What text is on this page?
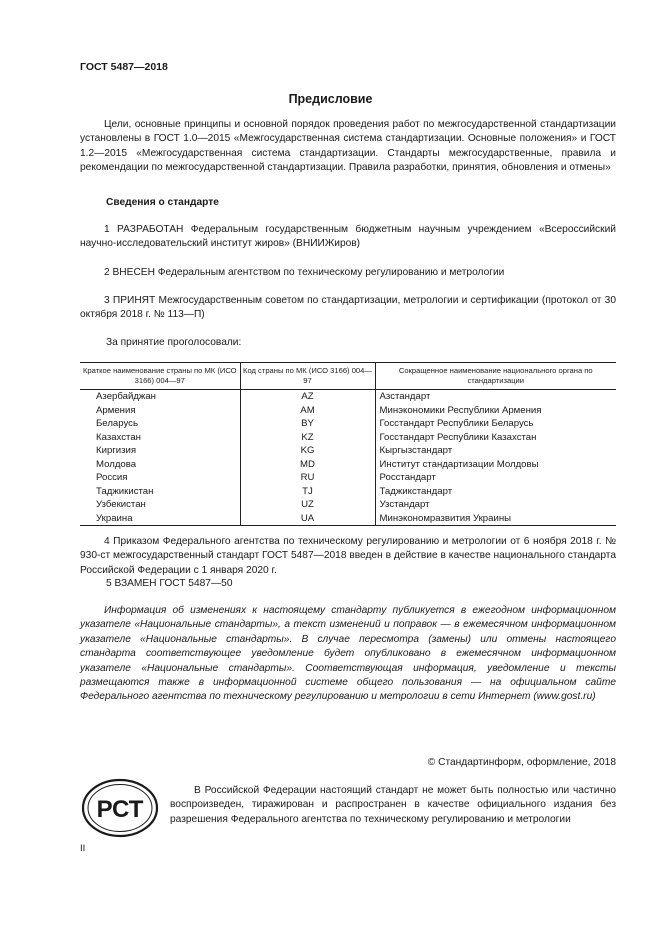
ГОСТ 5487—2018
Предисловие
Цели, основные принципы и основной порядок проведения работ по межгосударственной стандартизации установлены в ГОСТ 1.0—2015 «Межгосударственная система стандартизации. Основные положения» и ГОСТ 1.2—2015 «Межгосударственная система стандартизации. Стандарты межгосударственные, правила и рекомендации по межгосударственной стандартизации. Правила разработки, принятия, обновления и отмены»
Сведения о стандарте
1 РАЗРАБОТАН Федеральным государственным бюджетным научным учреждением «Всероссийский научно-исследовательский институт жиров» (ВНИИЖиров)
2 ВНЕСЕН Федеральным агентством по техническому регулированию и метрологии
3 ПРИНЯТ Межгосударственным советом по стандартизации, метрологии и сертификации (протокол от 30 октября 2018 г. № 113—П)
За принятие проголосовали:
Краткое наименование страны по МК (ИСО 3166) 004—97	Код страны по МК (ИСО 3166) 004—97	Сокращенное наименование национального органа по стандартизации
Азербайджан	AZ	Азстандарт
Армения	AM	Минэкономики Республики Армения
Беларусь	BY	Госстандарт Республики Беларусь
Казахстан	KZ	Госстандарт Республики Казахстан
Киргизия	KG	Кыргызстандарт
Молдова	MD	Институт стандартизации Молдовы
Россия	RU	Росстандарт
Таджикистан	TJ	Таджикстандарт
Узбекистан	UZ	Узстандарт
Украина	UA	Минэкономразвития Украины
4 Приказом Федерального агентства по техническому регулированию и метрологии от 6 ноября 2018 г. № 930-ст межгосударственный стандарт ГОСТ 5487—2018 введен в действие в качестве национального стандарта Российской Федерации с 1 января 2020 г.
5 ВЗАМЕН ГОСТ 5487—50
Информация об изменениях к настоящему стандарту публикуется в ежегодном информационном указателе «Национальные стандарты», а текст изменений и поправок — в ежемесячном информационном указателе «Национальные стандарты». В случае пересмотра (замены) или отмены настоящего стандарта соответствующее уведомление будет опубликовано в ежемесячном информационном указателе «Национальные стандарты». Соответствующая информация, уведомление и тексты размещаются также в информационной системе общего пользования — на официальном сайте Федерального агентства по техническому регулированию и метрологии в сети Интернет (www.gost.ru)
© Стандартинформ, оформление, 2018
РСТ
В Российской Федерации настоящий стандарт не может быть полностью или частично воспроизведен, тиражирован и распространен в качестве официального издания без разрешения Федерального агентства по техническому регулированию и метрологии
II
